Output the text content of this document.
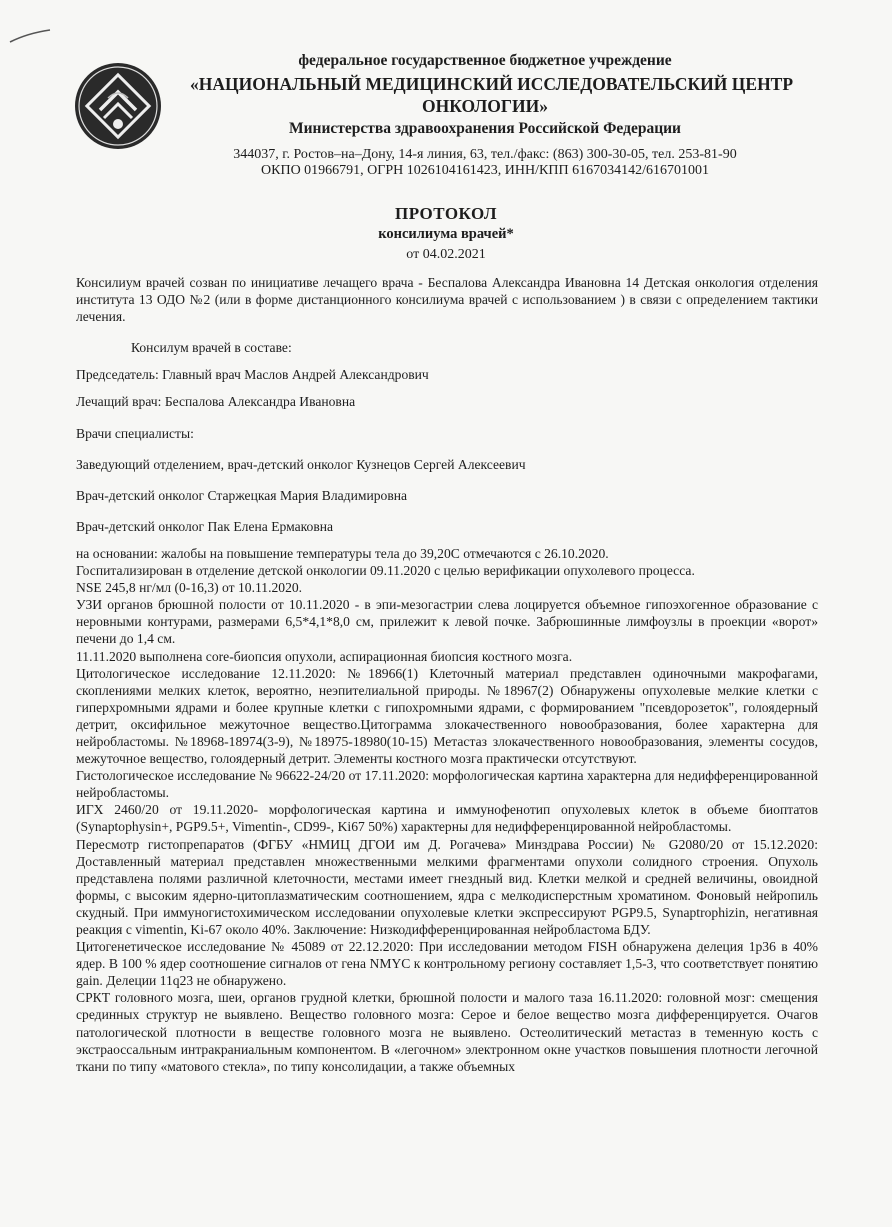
федеральное государственное бюджетное учреждение
«НАЦИОНАЛЬНЫЙ МЕДИЦИНСКИЙ ИССЛЕДОВАТЕЛЬСКИЙ ЦЕНТР
ОНКОЛОГИИ»
Министерства здравоохранения Российской Федерации
344037, г. Ростов–на–Дону, 14-я линия, 63, тел./факс: (863) 300-30-05, тел. 253-81-90
ОКПО 01966791, ОГРН 1026104161423, ИНН/КПП 6167034142/616701001
ПРОТОКОЛ
консилиума врачей*
от 04.02.2021

Консилиум врачей созван по инициативе лечащего врача - Беспалова Александра Ивановна 14 Детская онкология отделения института 13 ОДО №2 (или в форме дистанционного консилиума врачей с использованием ) в связи с определением тактики лечения.

Консилум врачей в составе:

Председатель: Главный врач Маслов Андрей Александрович

Лечащий врач: Беспалова Александра Ивановна

Врачи специалисты:

Заведующий отделением, врач-детский онколог Кузнецов Сергей Алексеевич

Врач-детский онколог Старжецкая Мария Владимировна

Врач-детский онколог Пак Елена Ермаковна

на основании: жалобы на повышение температуры тела до 39,20С отмечаются с 26.10.2020.

Госпитализирован в отделение детской онкологии 09.11.2020 с целью верификации опухолевого процесса.

NSE 245,8 нг/мл (0-16,3) от 10.11.2020.

УЗИ органов брюшной полости от 10.11.2020 - в эпи-мезогастрии слева лоцируется объемное гипоэхогенное образование с неровными контурами, размерами 6,5*4,1*8,0 см, прилежит к левой почке. Забрюшинные лимфоузлы в проекции «ворот» печени до 1,4 см.

11.11.2020 выполнена core-биопсия опухоли, аспирационная биопсия костного мозга.

Цитологическое исследование 12.11.2020: №18966(1) Клеточный материал представлен одиночными макрофагами, скоплениями мелких клеток, вероятно, неэпителиальной природы. №18967(2) Обнаружены опухолевые мелкие клетки с гиперхромными ядрами и более крупные клетки с гипохромными ядрами, с формированием "псевдорозеток", голоядерный детрит, оксифильное межуточное вещество.Цитограмма злокачественного новообразования, более характерна для нейробластомы. №18968-18974(3-9), №18975-18980(10-15) Метастаз злокачественного новообразования, элементы сосудов, межуточное вещество, голоядерный детрит. Элементы костного мозга практически отсутствуют.

Гистологическое исследование № 96622-24/20 от 17.11.2020: морфологическая картина характерна для недифференцированной нейробластомы.

ИГХ 2460/20 от 19.11.2020- морфологическая картина и иммунофенотип опухолевых клеток в объеме биоптатов (Synaptophysin+, PGP9.5+, Vimentin-, CD99-, Ki67 50%) характерны для недифференцированной нейробластомы.

Пересмотр гистопрепаратов (ФГБУ «НМИЦ ДГОИ им Д. Рогачева» Минздрава России) № G2080/20 от 15.12.2020: Доставленный материал представлен множественными мелкими фрагментами опухоли солидного строения. Опухоль представлена полями различной клеточности, местами имеет гнездный вид. Клетки мелкой и средней величины, овоидной формы, с высоким ядерно-цитоплазматическим соотношением, ядра с мелкодисперстным хроматином. Фоновый нейропиль скудный. При иммуногистохимическом исследовании опухолевые клетки экспрессируют PGP9.5, Synaptrophizin, негативная реакция с vimentin, Ki-67 около 40%. Заключение: Низкодифференцированная нейробластома БДУ.

Цитогенетическое исследование № 45089 от 22.12.2020: При исследовании методом FISH обнаружена делеция 1р36 в 40% ядер. В 100 % ядер соотношение сигналов от гена NMYC к контрольному региону составляет 1,5-3, что соответствует понятию gain. Делеции 11q23 не обнаружено.

СРКТ головного мозга, шеи, органов грудной клетки, брюшной полости и малого таза 16.11.2020: головной мозг: смещения срединных структур не выявлено. Вещество головного мозга: Серое и белое вещество мозга дифференцируется. Очагов патологической плотности в веществе головного мозга не выявлено. Остеолитический метастаз в теменную кость с экстраоссальным интракраниальным компонентом. В «легочном» электронном окне участков повышения плотности легочной ткани по типу «матового стекла», по типу консолидации, а также объемных
